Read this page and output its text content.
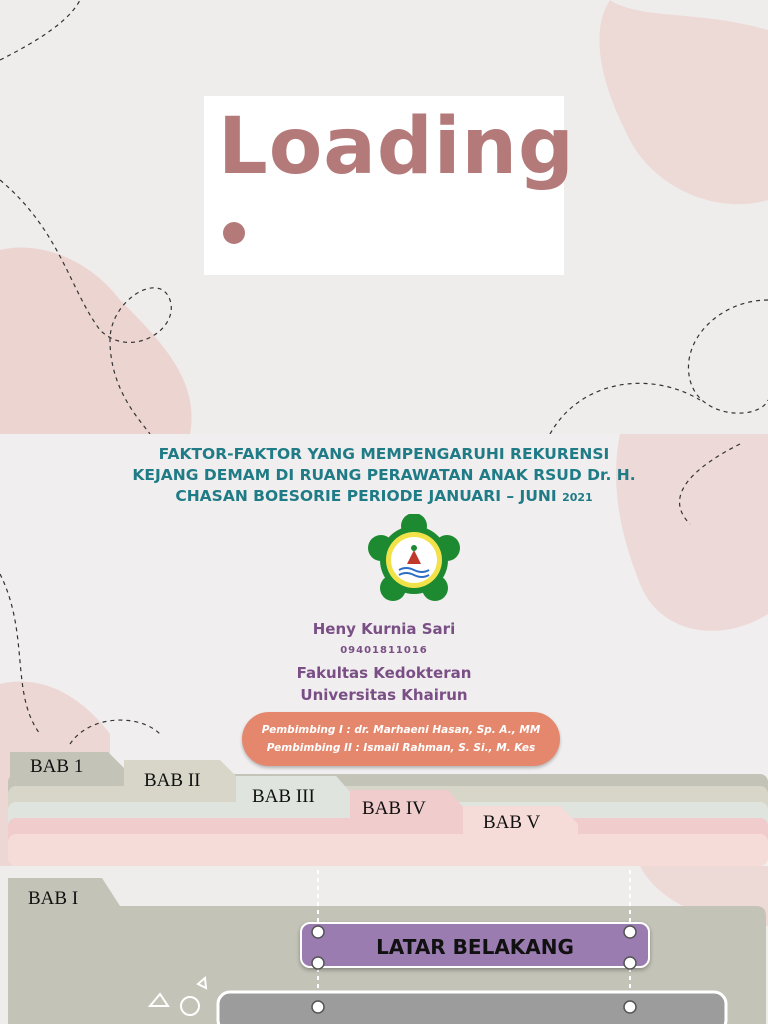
Loading
FAKTOR-FAKTOR YANG MEMPENGARUHI REKURENSI
KEJANG DEMAM DI RUANG PERAWATAN ANAK RSUD Dr. H.
CHASAN BOESORIE PERIODE JANUARI – JUNI 2021
Heny Kurnia Sari
09401811016
Fakultas Kedokteran
Universitas Khairun
Pembimbing I : dr. Marhaeni Hasan, Sp. A., MM
Pembimbing II : Ismail Rahman, S. Si., M. Kes
BAB 1
BAB II
BAB III
BAB IV
BAB V
BAB I
LATAR BELAKANG
